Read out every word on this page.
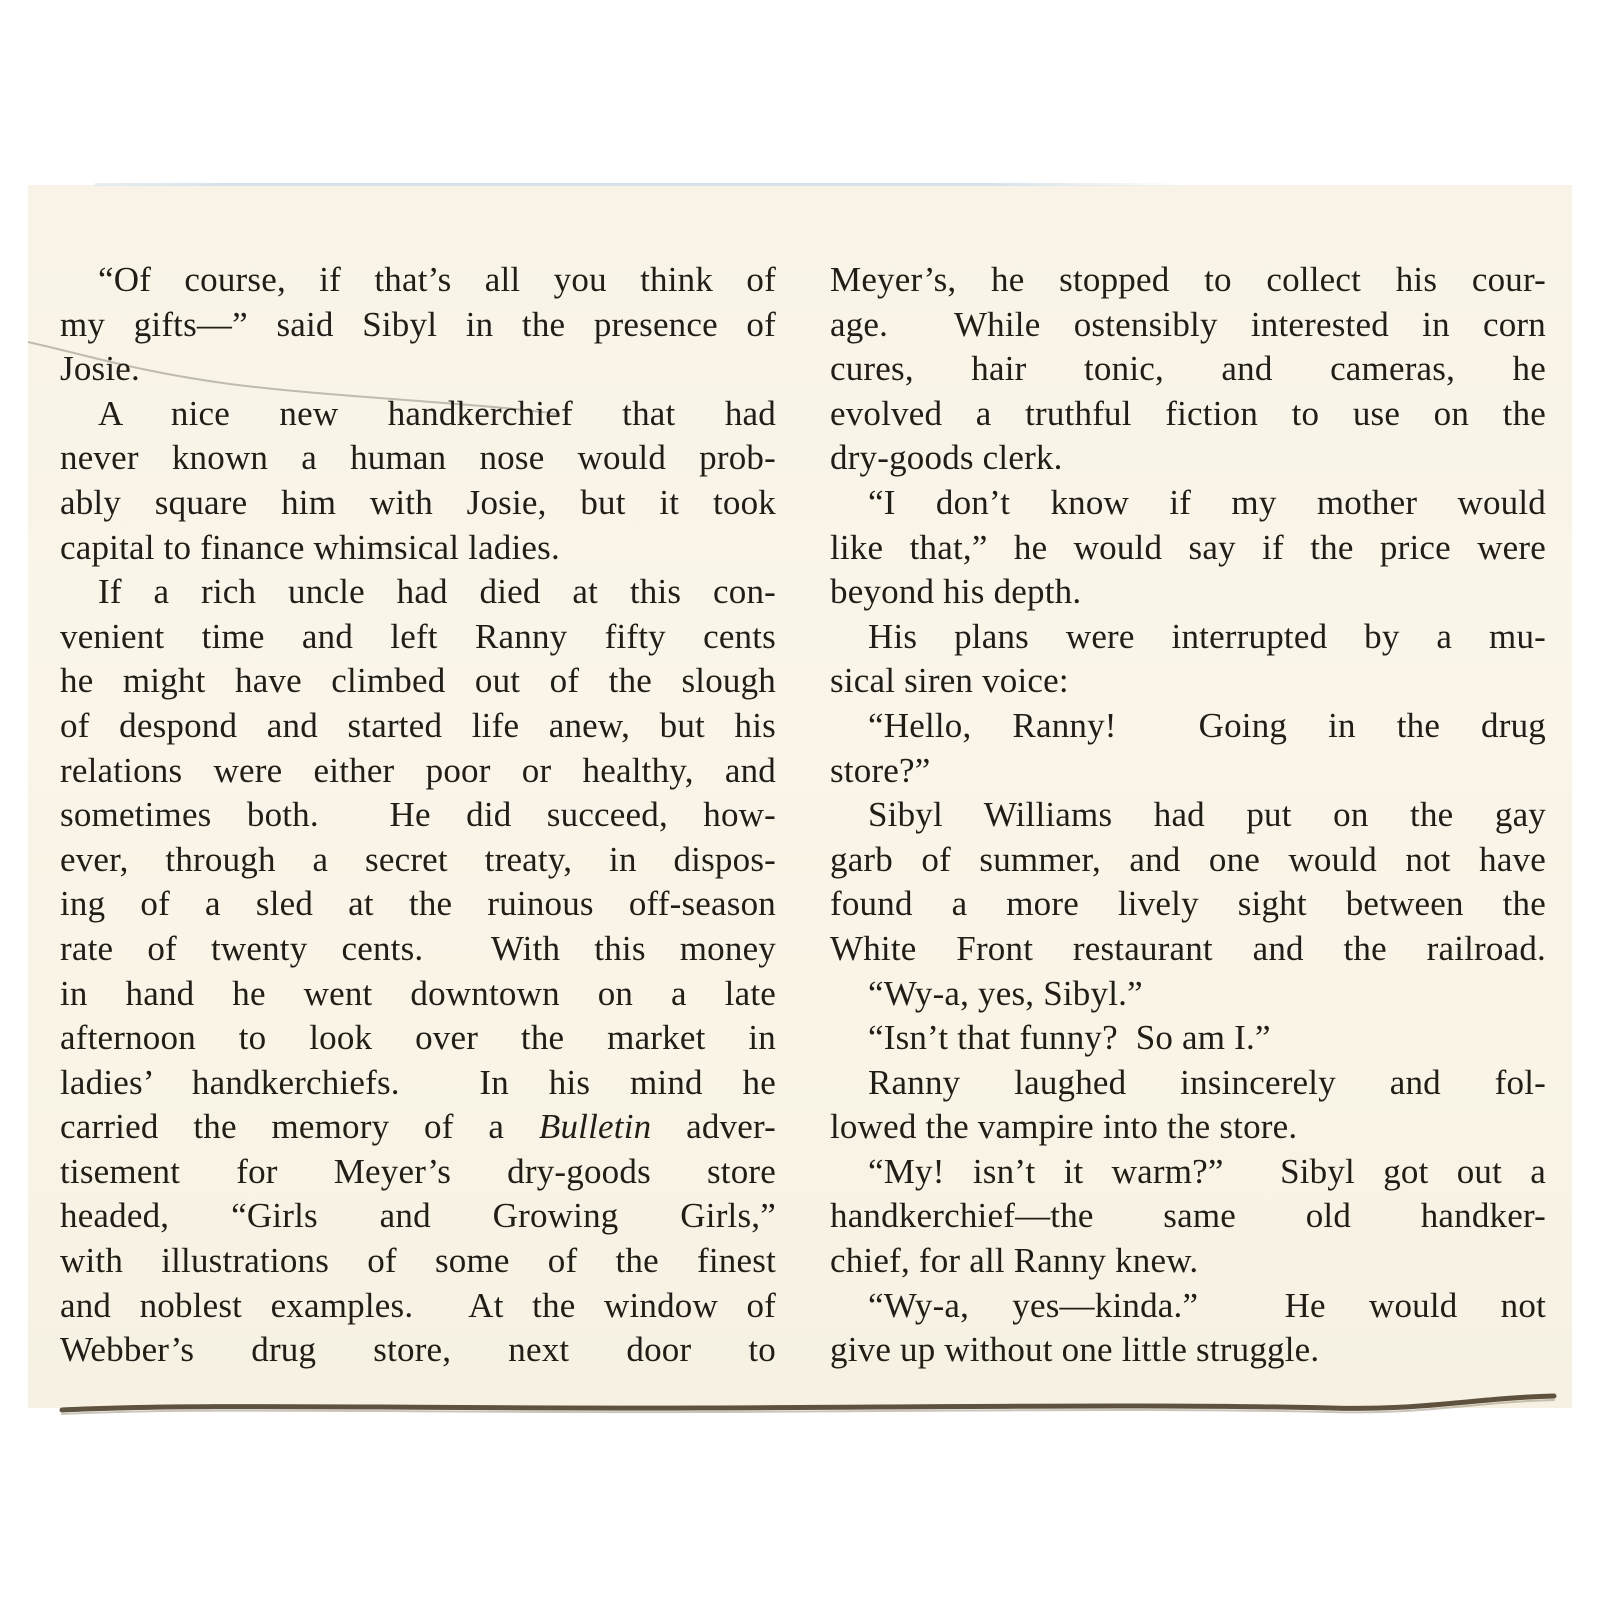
“Of course, if that’s all you think of
my gifts—” said Sibyl in the presence of
Josie.
A nice new handkerchief that had
never known a human nose would prob-
ably square him with Josie, but it took
capital to finance whimsical ladies.
If a rich uncle had died at this con-
venient time and left Ranny fifty cents
he might have climbed out of the slough
of despond and started life anew, but his
relations were either poor or healthy, and
sometimes both.  He did succeed, how-
ever, through a secret treaty, in dispos-
ing of a sled at the ruinous off-season
rate of twenty cents.  With this money
in hand he went downtown on a late
afternoon to look over the market in
ladies’ handkerchiefs.  In his mind he
carried the memory of a Bulletin adver-
tisement for Meyer’s dry-goods store
headed, “Girls and Growing Girls,”
with illustrations of some of the finest
and noblest examples.  At the window of
Webber’s drug store, next door to
Meyer’s, he stopped to collect his cour-
age.  While ostensibly interested in corn
cures, hair tonic, and cameras, he
evolved a truthful fiction to use on the
dry-goods clerk.
“I don’t know if my mother would
like that,” he would say if the price were
beyond his depth.
His plans were interrupted by a mu-
sical siren voice:
“Hello, Ranny!  Going in the drug
store?”
Sibyl Williams had put on the gay
garb of summer, and one would not have
found a more lively sight between the
White Front restaurant and the railroad.
“Wy-a, yes, Sibyl.”
“Isn’t that funny?  So am I.”
Ranny laughed insincerely and fol-
lowed the vampire into the store.
“My! isn’t it warm?”  Sibyl got out a
handkerchief—the same old handker-
chief, for all Ranny knew.
“Wy-a, yes—kinda.”  He would not
give up without one little struggle.
